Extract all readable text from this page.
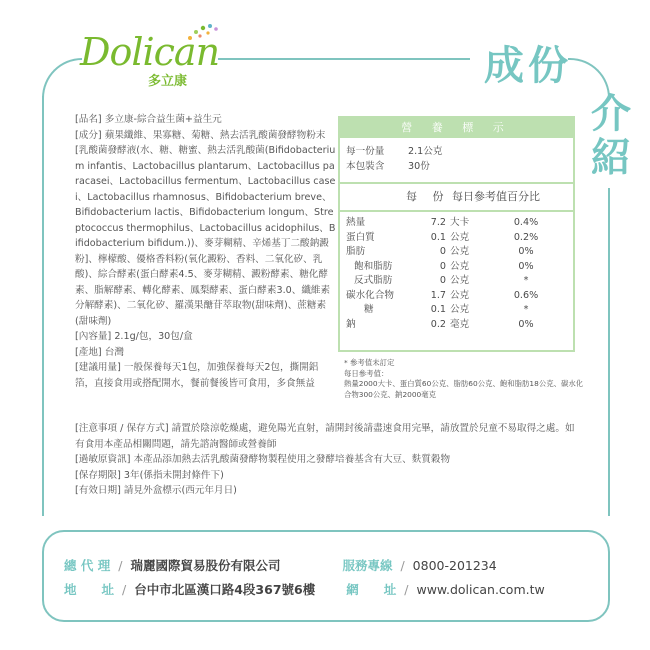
Dolican
多立康	成份
介紹

[品名] 多立康-綜合益生菌+益生元

[成分] 蘋果纖維、果寡糖、菊糖、熱去活乳酸菌發酵物粉末[乳酸菌發酵液(水、糖、糖蜜、熱去活乳酸菌(Bifidobacterium infantis、Lactobacillus plantarum、Lactobacillus paracasei、Lactobacillus fermentum、Lactobacillus casei、Lactobacillus rhamnosus、Bifidobacterium breve、Bifidobacterium lactis、Bifidobacterium longum、Streptococcus thermophilus、Lactobacillus acidophilus、Bifidobacterium bifidum.))、麥芽糊精、辛烯基丁二酸鈉澱粉]、檸檬酸、優格香料粉(氧化澱粉、香料、二氧化矽、乳酸)、綜合酵素(蛋白酵素4.5、麥芽糊精、澱粉酵素、糖化酵素、脂解酵素、轉化酵素、鳳梨酵素、蛋白酵素3.0、纖維素分解酵素)、二氧化矽、羅漢果醣苷萃取物(甜味劑)、蔗糖素(甜味劑)

[內容量] 2.1g/包，30包/盒

[產地] 台灣

[建議用量] 一般保養每天1包，加強保養每天2包，撕開鋁箔，直接食用或搭配開水，餐前餐後皆可食用，多食無益

[注意事項 / 保存方式] 請置於陰涼乾燥處，避免陽光直射，請開封後請盡速食用完畢，請放置於兒童不易取得之處。如有食用本產品相關問題，請先諮詢醫師或營養師

[過敏原資訊] 本產品添加熱去活乳酸菌發酵物製程使用之發酵培養基含有大豆、麩質穀物

[保存期限] 3年(係指未開封條件下)

[有效日期] 請見外盒標示(西元年月日)

營 養 標 示
每一份量	2.1公克
本包裝含	30份
每 份 每日參考值百分比
熱量	7.2 大卡	0.4%
蛋白質	0.1 公克	0.2%
脂肪	0 公克	0%
飽和脂肪	0 公克	0%
反式脂肪	0 公克	*
碳水化合物	1.7 公克	0.6%
糖	0.1 公克	*
鈉	0.2 毫克	0%
* 參考值未訂定
每日參考值：
熱量2000大卡、蛋白質60公克、脂肪60公克、飽和脂肪18公克、碳水化合物300公克、鈉2000毫克
總 代 理 / 瑞麗國際貿易股份有限公司	服務專線 / 0800-201234
地　　址 / 台中市北區漢口路4段367號6樓	網　　址 / www.dolican.com.tw
